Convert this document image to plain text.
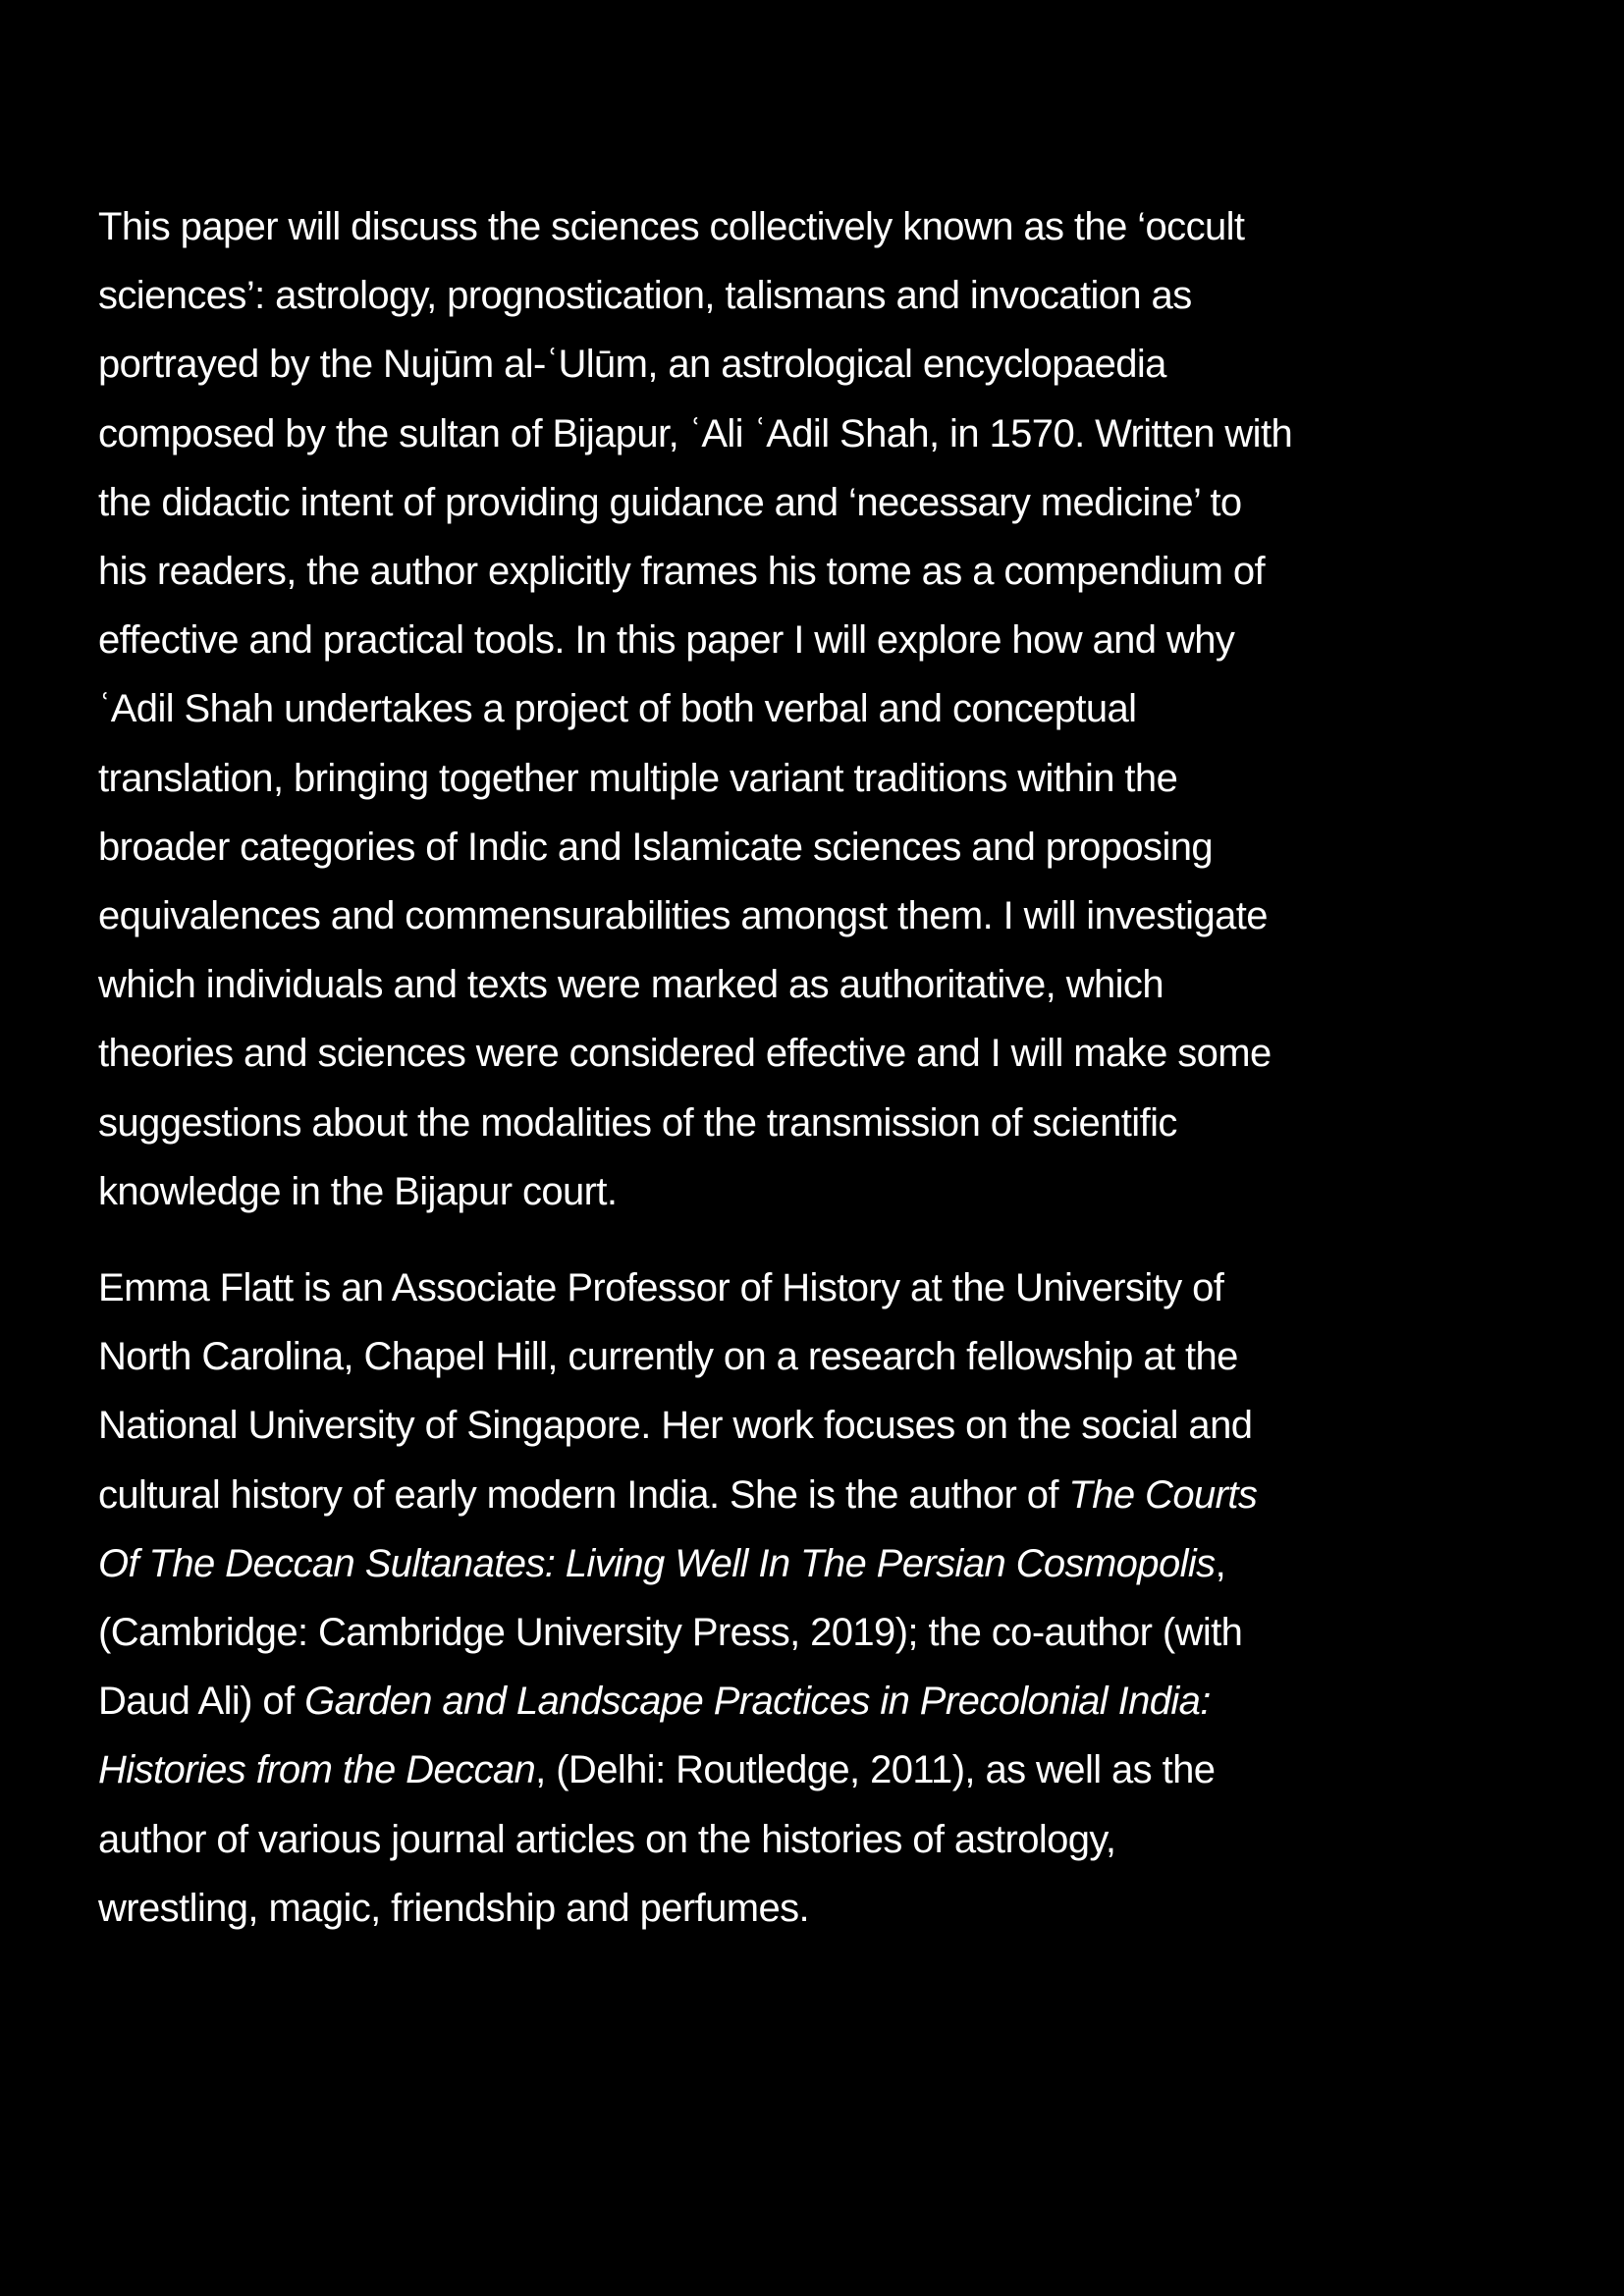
This paper will discuss the sciences collectively known as the ‘occult
sciences’: astrology, prognostication, talismans and invocation as
portrayed by the Nujūm al-ʿUlūm, an astrological encyclopaedia
composed by the sultan of Bijapur, ʿAli ʿAdil Shah, in 1570. Written with
the didactic intent of providing guidance and ‘necessary medicine’ to
his readers, the author explicitly frames his tome as a compendium of
effective and practical tools. In this paper I will explore how and why
ʿAdil Shah undertakes a project of both verbal and conceptual
translation, bringing together multiple variant traditions within the
broader categories of Indic and Islamicate sciences and proposing
equivalences and commensurabilities amongst them. I will investigate
which individuals and texts were marked as authoritative, which
theories and sciences were considered effective and I will make some
suggestions about the modalities of the transmission of scientific
knowledge in the Bijapur court.

Emma Flatt is an Associate Professor of History at the University of
North Carolina, Chapel Hill, currently on a research fellowship at the
National University of Singapore. Her work focuses on the social and
cultural history of early modern India. She is the author of The Courts
Of The Deccan Sultanates: Living Well In The Persian Cosmopolis,
(Cambridge: Cambridge University Press, 2019); the co-author (with
Daud Ali) of Garden and Landscape Practices in Precolonial India:
Histories from the Deccan, (Delhi: Routledge, 2011), as well as the
author of various journal articles on the histories of astrology,
wrestling, magic, friendship and perfumes.
